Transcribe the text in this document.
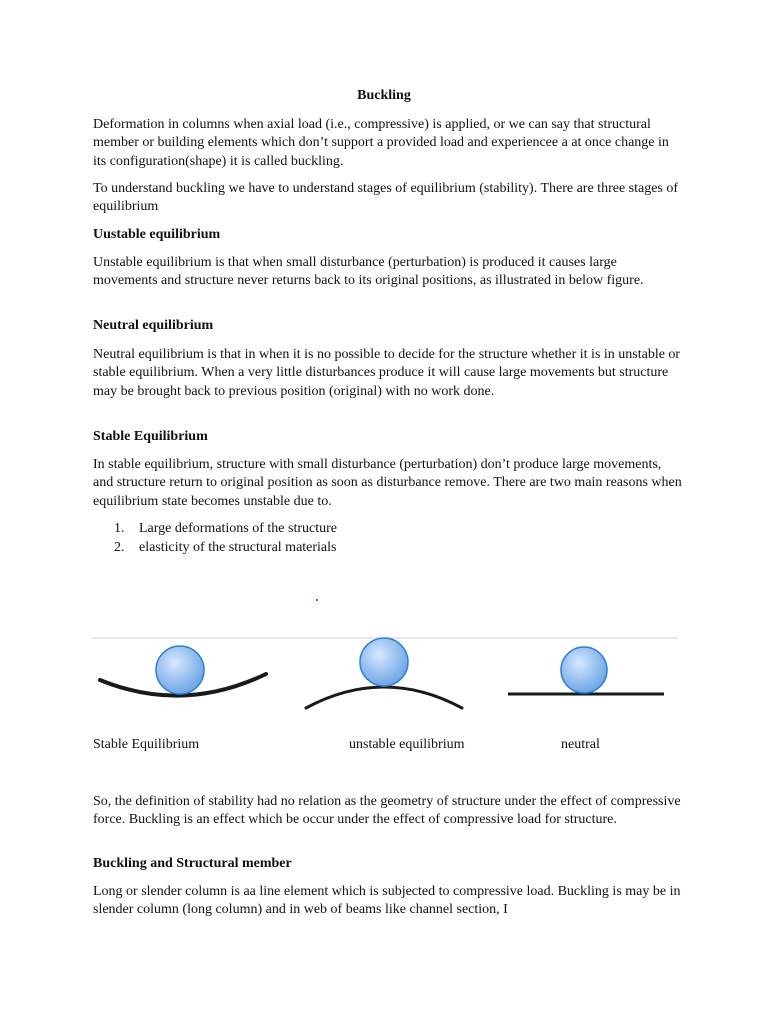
Buckling

Deformation in columns when axial load (i.e., compressive) is applied, or we can say that structural member or building elements which don’t support a provided load and experiencee a at once change in its configuration(shape) it is called buckling.

To understand buckling we have to understand stages of equilibrium (stability). There are three stages of equilibrium

Uustable equilibrium

Unstable equilibrium is that when small disturbance (perturbation) is produced it causes large movements and structure never returns back to its original positions, as illustrated in below figure.

Neutral equilibrium

Neutral equilibrium is that in when it is no possible to decide for the structure whether it is in unstable or stable equilibrium. When a very little disturbances produce it will cause large movements but structure may be brought back to previous position (original) with no work done.

Stable Equilibrium

In stable equilibrium, structure with small disturbance (perturbation) don’t produce large movements, and structure return to original position as soon as disturbance remove. There are two main reasons when equilibrium state becomes unstable due to.

1.	Large deformations of the structure
2.	elasticity of the structural materials
Stable Equilibrium	unstable equilibrium	neutral

So, the definition of stability had no relation as the geometry of structure under the effect of compressive force. Buckling is an effect which be occur under the effect of compressive load for structure.

Buckling and Structural member

Long or slender column is aa line element which is subjected to compressive load. Buckling is may be in slender column (long column) and in web of beams like channel section, I
